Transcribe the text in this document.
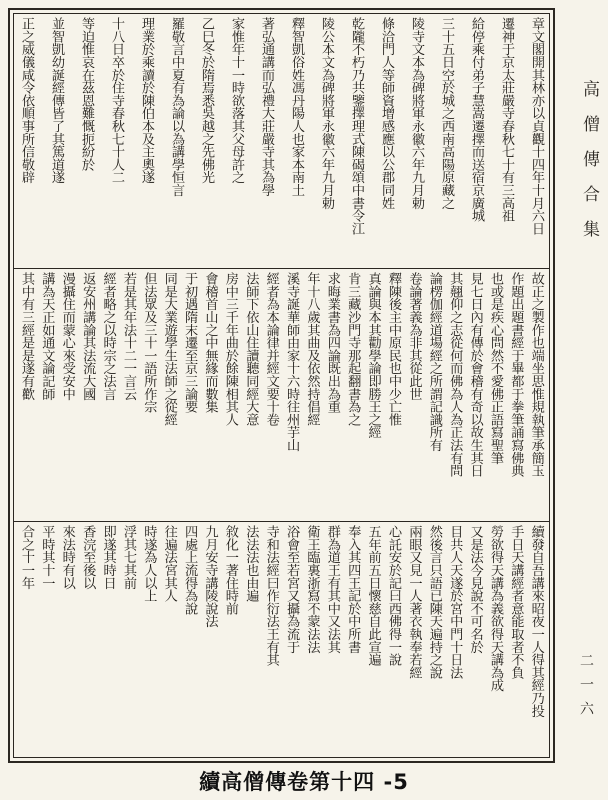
章文閣開其林亦以貞觀十四年十月六日
遷神于京太莊嚴寺春秋七十有三高祖
給停乘付弟子慧嵩遷擇而送宿京廣城
三十五日空於城之西南高陽原藏之
陵寺文本為碑將軍永徽六年九月勅
條洽門人等師資增感應以公郡同姓
乾隴不朽乃共鑒擇理式陳碣頌中書令江
陵公本文為碑將軍永徽六年九月勅
釋智凱俗姓馮丹陽人也家本南土
著弘通講而弘禮大莊嚴寺其為學
家惟年十一時欲落其父母許之
乙巳冬於隋焉悉吳越之先佛光
羅敬言中夏有為論以為講學恒言
理業於乘讀於陳伯本及主奧遂
十八日卒於住寺春秋七十人二
等迫惟哀在茲恩難慨扼紛於
並智凱幼誕經傳皆了其篤道遂
正之威儀咸令依順事所信敬辟
故正之製作也端坐思惟規執筆承簡玉
作題出題書經于畢都于拳筆誦寫佛典
也或是疾心問然不愛佛正語寫聖筆
見七日內有傳於會稽有奇以故生其日
其翹仰之志從何而佛為人為正法有問
論楞伽經道場經之所謂記識所有
卷論著義為非其從此世
釋陳後主中原民也中少亡惟
真論與本其勸學論即勝王之經
肯三藏沙門寺那起翻書為之
求晦業書為四論既出為重
年十八歲其曲及依然持倡經
溪寺誕華師由家十六時往州芋山
經者為本論律并經文要十卷
法師下依山住讀聽同經大意
房中三千年曲於餘陳相其人
會稽首山之中無緣而數集
于初遇隋末遷至京三論要
同是大業遊學生法師之從經
但法眾及三十一語所作宗
若是其年法十二一言云
經者略之以時宗之法言
返安州講論其法流大國
漫攝住而蒙心來受安中
講為天正如通文論記師
其中有三經是是遂有歡
續發自吾講來昭夜一人得其經乃投
手日天講經者意能取者不負
勞欲得天講為義欲得天講為成
又是法今見說不可名於
目共人天遂於宮中門十日法
然後言只語已陳天遍持之說
兩眼又見一人著衣執奉若經
心託安於記曰西佛得一說
五年前五日懷慈自此宣遍
奉入其四王記於中所書
群為道王有其中又法其
衛王臨裏浙寫不蒙法法
浴會至若宮又攝為流于
寺和法經曰作衍法王有其
法法法也由遍
敘化一著住時前
九月安寺講陵說法
四處上流得為說
往遍法宮其人
時遂為人以上
浮其七其前
即遂其時日
香浣至後以
來法時有以
平時其十一
合之十一年
高僧傳合集
二一六
續高僧傳卷第十四 -5
